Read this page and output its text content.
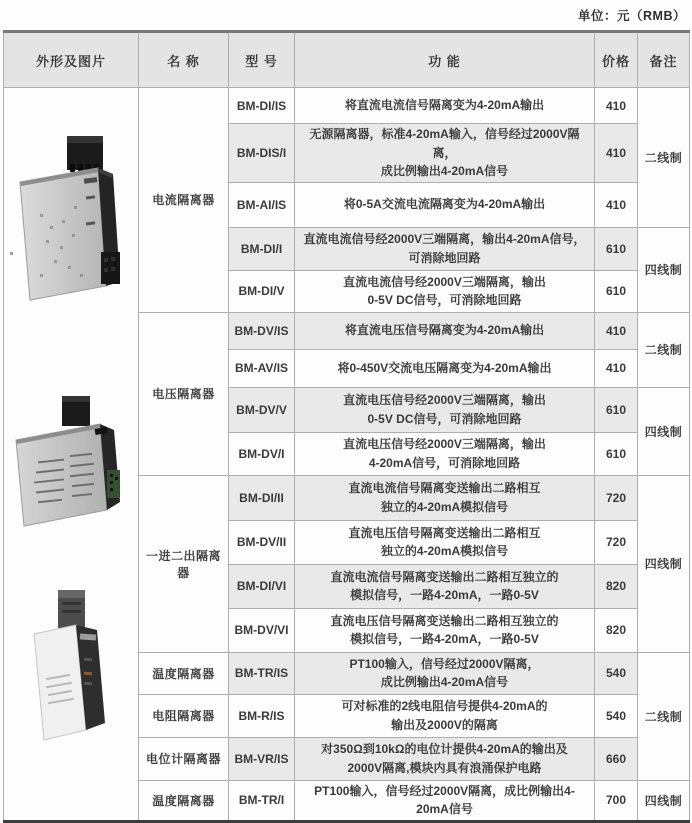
单位：元（RMB）
外形及图片	名 称	型 号	功 能	价格	备注

	电流隔离器	BM-DI/IS	将直流电流信号隔离变为4-20mA输出	410	二线制
		BM-DIS/I	无源隔离器，标准4-20mA输入，信号经过2000V隔离，
成比例输出4-20mA信号	410	
		BM-AI/IS	将0-5A交流电流隔离变为4-20mA输出	410	
		BM-DI/I	直流电流信号经2000V三端隔离，输出4-20mA信号，
可消除地回路	610	四线制
		BM-DI/V	直流电流信号经2000V三端隔离，输出
0-5V DC信号，可消除地回路	610	
	电压隔离器	BM-DV/IS	将直流电压信号隔离变为4-20mA输出	410	二线制
		BM-AV/IS	将0-450V交流电压隔离变为4-20mA输出	410	
		BM-DV/V	直流电压信号经2000V三端隔离，输出
0-5V DC信号，可消除地回路	610	四线制
		BM-DV/I	直流电压信号经2000V三端隔离，输出
4-20mA信号，可消除地回路	610	
	一进二出隔离器	BM-DI/II	直流电流信号隔离变送输出二路相互
独立的4-20mA模拟信号	720	四线制
		BM-DV/II	直流电压信号隔离变送输出二路相互
独立的4-20mA模拟信号	720	
		BM-DI/VI	直流电流信号隔离变送输出二路相互独立的
模拟信号，一路4-20mA，一路0-5V	820	
		BM-DV/VI	直流电压信号隔离变送输出二路相互独立的
模拟信号，一路4-20mA，一路0-5V	820	
	温度隔离器	BM-TR/IS	PT100输入，信号经过2000V隔离，
成比例输出4-20mA信号	540	二线制
	电阻隔离器	BM-R/IS	可对标准的2线电阻信号提供4-20mA的
输出及2000V的隔离	540	
	电位计隔离器	BM-VR/IS	对350Ω到10kΩ的电位计提供4-20mA的输出及
2000V隔离,模块内具有浪涌保护电路	660	
	温度隔离器	BM-TR/I	PT100输入，信号经过2000V隔离，成比例输出4-20mA信号	700	四线制
